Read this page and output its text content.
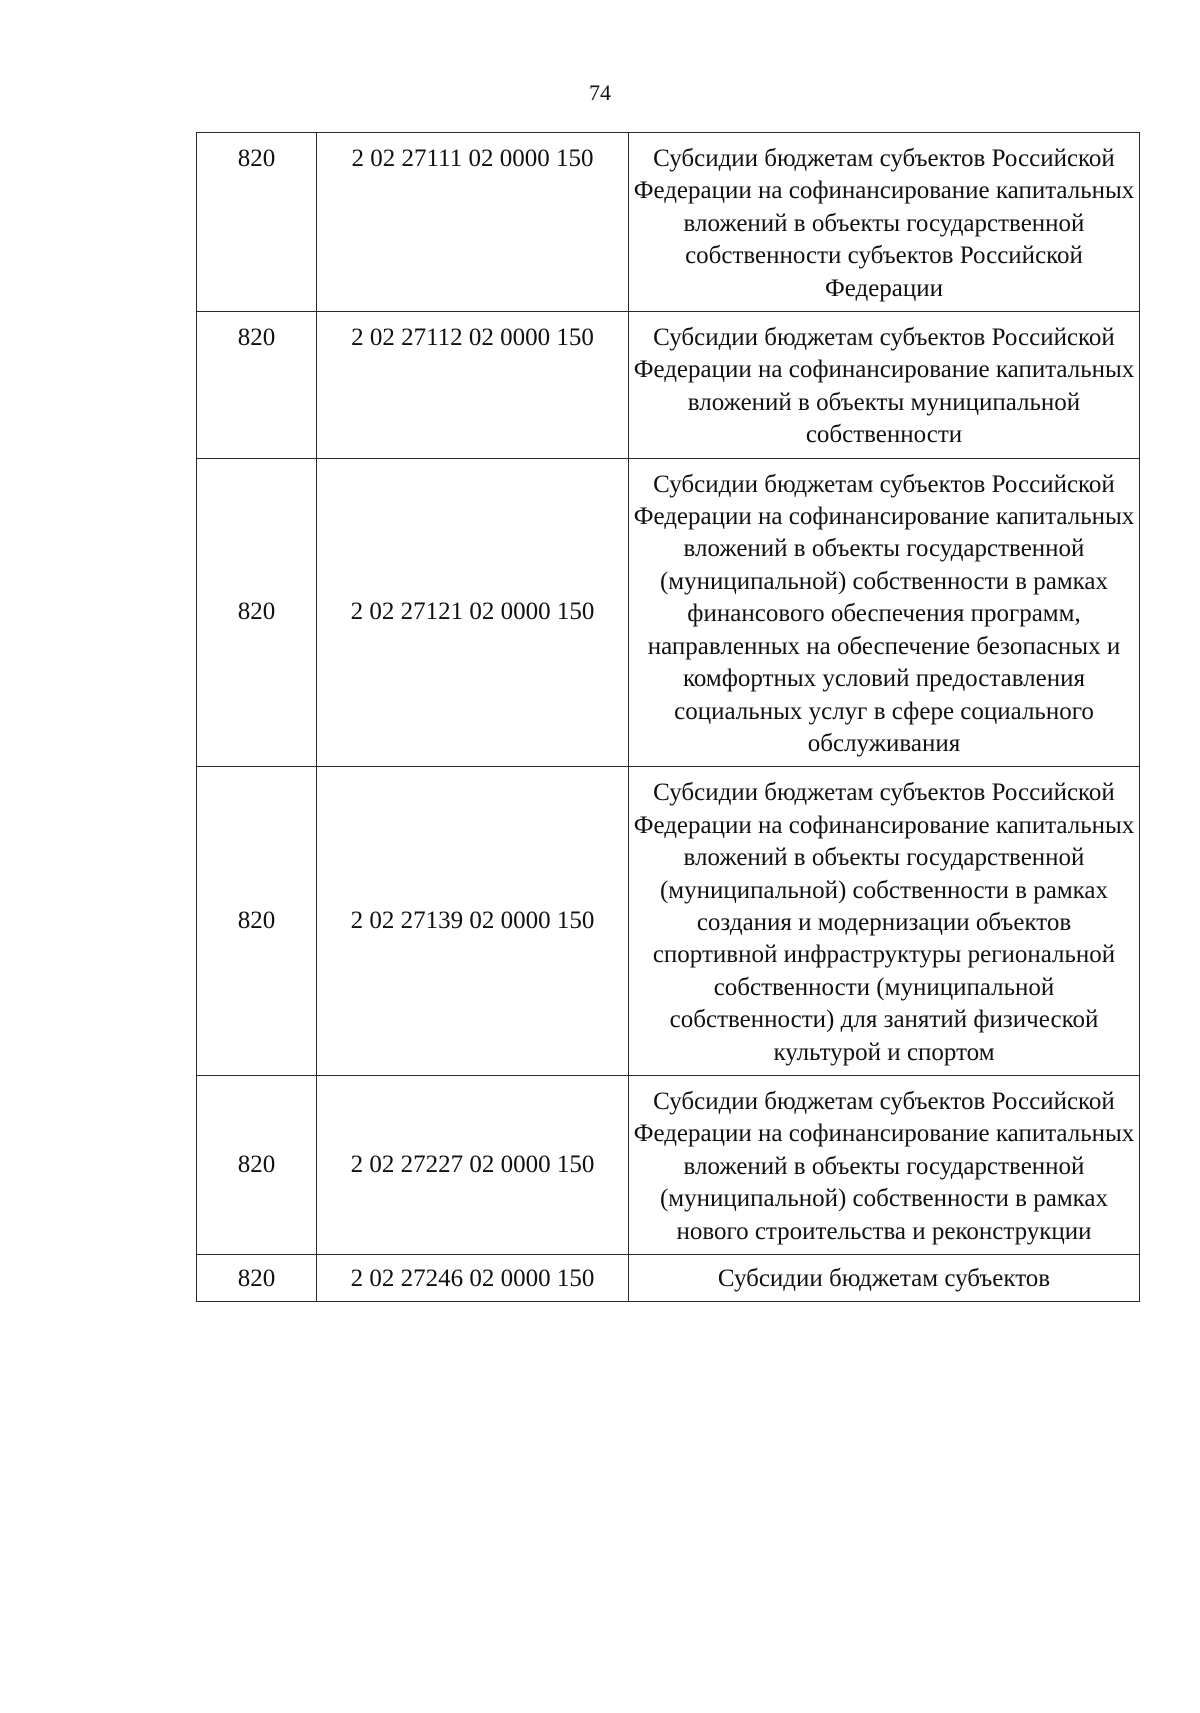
74
820	2 02 27111 02 0000 150	Субсидии бюджетам субъектов Российской Федерации на софинансирование капитальных вложений в объекты государственной собственности субъектов Российской Федерации
820	2 02 27112 02 0000 150	Субсидии бюджетам субъектов Российской Федерации на софинансирование капитальных вложений в объекты муниципальной собственности
820	2 02 27121 02 0000 150	Субсидии бюджетам субъектов Российской Федерации на софинансирование капитальных вложений в объекты государственной (муниципальной) собственности в рамках финансового обеспечения программ, направленных на обеспечение безопасных и комфортных условий предоставления социальных услуг в сфере социального обслуживания
820	2 02 27139 02 0000 150	Субсидии бюджетам субъектов Российской Федерации на софинансирование капитальных вложений в объекты государственной (муниципальной) собственности в рамках создания и модернизации объектов спортивной инфраструктуры региональной собственности (муниципальной собственности) для занятий физической культурой и спортом
820	2 02 27227 02 0000 150	Субсидии бюджетам субъектов Российской Федерации на софинансирование капитальных вложений в объекты государственной (муниципальной) собственности в рамках нового строительства и реконструкции
820	2 02 27246 02 0000 150	Субсидии бюджетам субъектов
